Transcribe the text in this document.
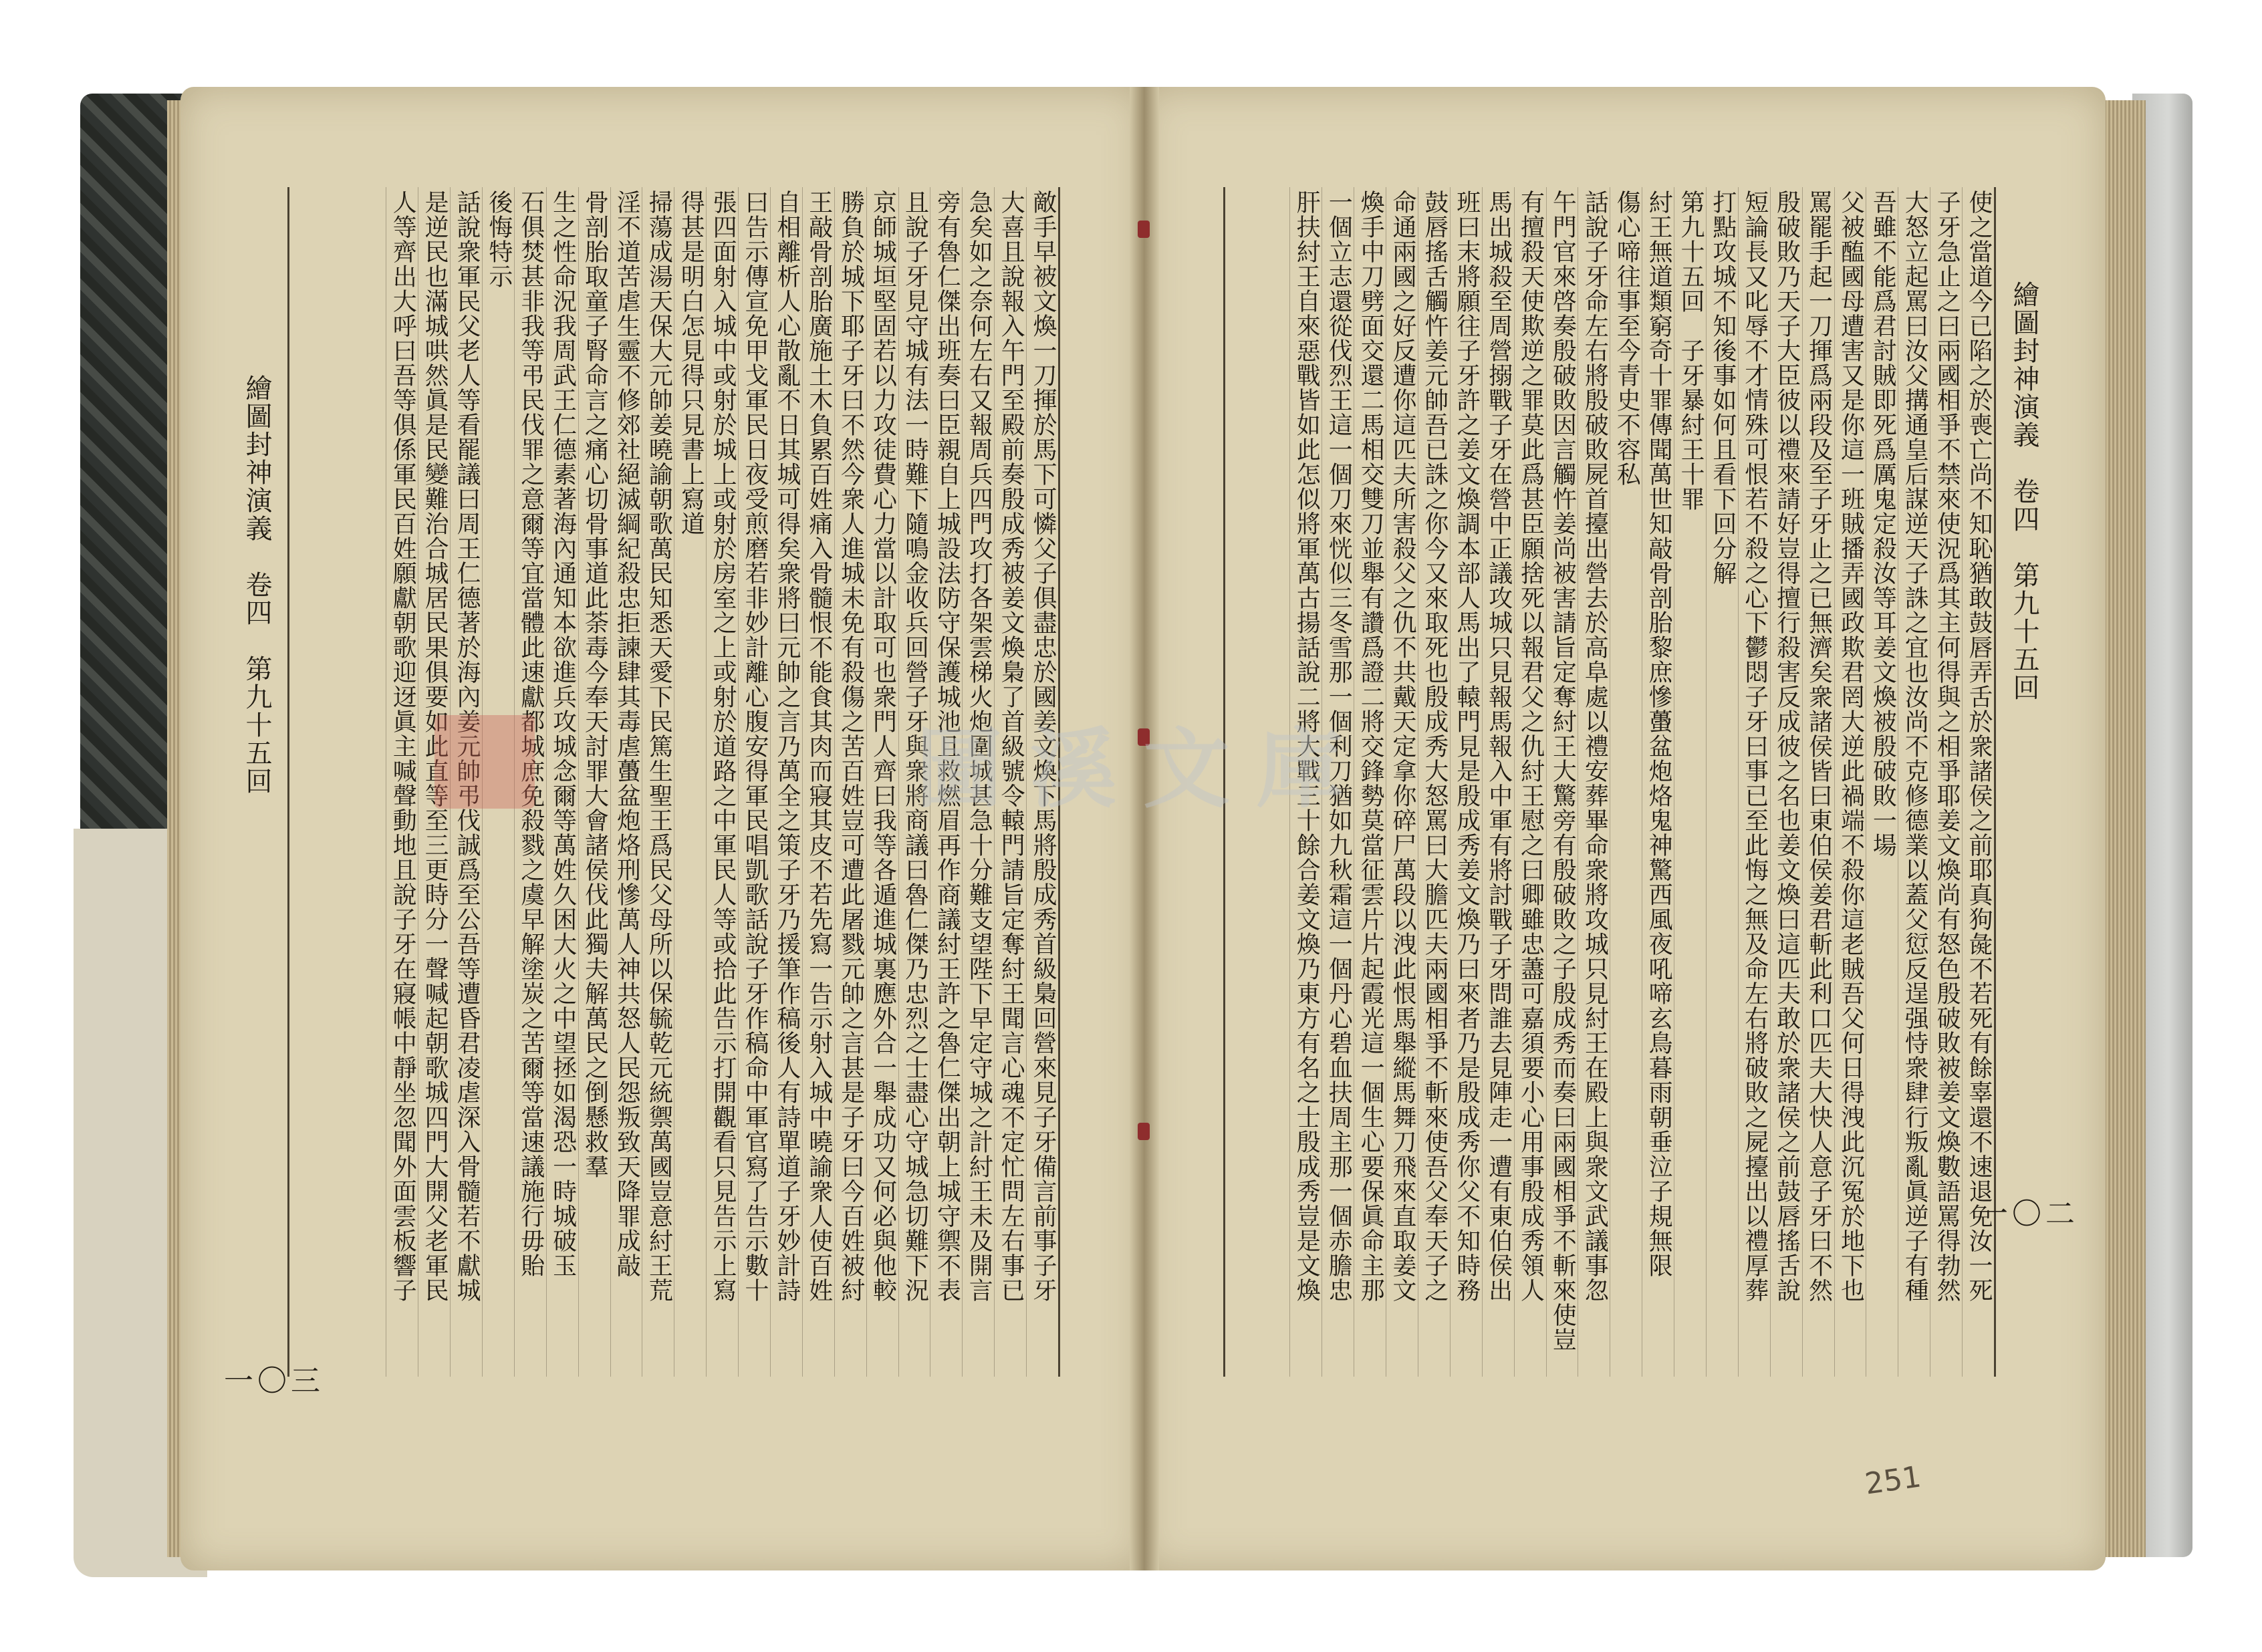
繪圖封神演義　卷四　第九十五回
繪圖封神演義　卷四　第九十五回	使之當道今已陷之於喪亡尚不知恥猶敢鼓唇弄舌於衆諸侯之前耶真狗彘不若死有餘辜還不速退免汝一死
子牙急止之曰兩國相爭不禁來使況爲其主何得與之相爭耶姜文煥尚有怒色殷破敗被姜文煥數語罵得勃然
大怒立起罵曰汝父搆通皇后謀逆天子誅之宜也汝尚不克修德業以蓋父愆反逞强恃衆肆行叛亂眞逆子有種
吾雖不能爲君討賊即死爲厲鬼定殺汝等耳姜文煥被殷破敗一場
父被醢國母遭害又是你這一班賊播弄國政欺君罔大逆此禍端不殺你這老賊吾父何日得洩此沉冤於地下也
罵罷手起一刀揮爲兩段及至子牙止之已無濟矣衆諸侯皆曰東伯侯姜君斬此利口匹夫大快人意子牙曰不然
殷破敗乃天子大臣彼以禮來請好豈得擅行殺害反成彼之名也姜文煥曰這匹夫敢於衆諸侯之前鼓唇搖舌說
短論長又叱辱不才情殊可恨若不殺之心下鬱悶子牙曰事已至此悔之無及命左右將破敗之屍擡出以禮厚葬
打點攻城不知後事如何且看下回分解
第九十五回　子牙暴紂王十罪
紂王無道類窮奇十罪傳聞萬世知敲骨剖胎黎庶慘蠆盆炮烙鬼神驚西風夜吼啼玄鳥暮雨朝垂泣子規無限
傷心啼往事至今青史不容私
話說子牙命左右將殷破敗屍首擡出營去於高阜處以禮安葬畢命衆將攻城只見紂王在殿上與衆文武議事忽
午門官來啓奏殷破敗因言觸忤姜尚被害請旨定奪紂王大驚旁有殷破敗之子殷成秀而奏曰兩國相爭不斬來使豈
有擅殺天使欺逆之罪莫此爲甚臣願捨死以報君父之仇紂王慰之曰卿雖忠藎可嘉須要小心用事殷成秀領人
馬出城殺至周營搦戰子牙在營中正議攻城只見報馬報入中軍有將討戰子牙問誰去見陣走一遭有東伯侯出
班曰末將願往子牙許之姜文煥調本部人馬出了轅門見是殷成秀姜文煥乃曰來者乃是殷成秀你父不知時務
鼓唇搖舌觸忤姜元帥吾已誅之你今又來取死也殷成秀大怒罵曰大膽匹夫兩國相爭不斬來使吾父奉天子之
命通兩國之好反遭你這匹夫所害殺父之仇不共戴天定拿你碎尸萬段以洩此恨馬舉縱馬舞刀飛來直取姜文
煥手中刀劈面交還二馬相交雙刀並舉有讚爲證二將交鋒勢莫當征雲片片起霞光這一個生心要保眞命主那
一個立志還從伐烈王這一個刀來恍似三冬雪那一個利刀猶如九秋霜這一個丹心碧血扶周主那一個赤膽忠
肝扶紂王自來惡戰皆如此怎似將軍萬古揚話說二將大戰三十餘合姜文煥乃東方有名之士殷成秀豈是文煥
敵手早被文煥一刀揮於馬下可憐父子俱盡忠於國姜文煥下馬將殷成秀首級梟回營來見子牙備言前事子牙
大喜且說報入午門至殿前奏殷成秀被姜文煥梟了首級號令轅門請旨定奪紂王聞言心魂不定忙問左右事已
急矣如之奈何左右又報周兵四門攻打各架雲梯火炮圍城甚急十分難支望陛下早定守城之計紂王未及開言
旁有魯仁傑出班奏曰臣親自上城設法防守保護城池且救燃眉再作商議紂王許之魯仁傑出朝上城守禦不表
且說子牙見守城有法一時難下隨鳴金收兵回營子牙與衆將商議曰魯仁傑乃忠烈之士盡心守城急切難下況
京師城垣堅固若以力攻徒費心力當以計取可也衆門人齊曰我等各遁進城裏應外合一舉成功又何必與他較
勝負於城下耶子牙曰不然今衆人進城未免有殺傷之苦百姓豈可遭此屠戮元帥之言甚是子牙曰今百姓被紂
王敲骨剖胎廣施土木負累百姓痛入骨髓恨不能食其肉而寢其皮不若先寫一告示射入城中曉諭衆人使百姓
自相離析人心散亂不日其城可得矣衆將曰元帥之言乃萬全之策子牙乃援筆作稿後人有詩單道子牙妙計詩
曰告示傳宣免甲戈軍民日夜受煎磨若非妙計離心腹安得軍民唱凱歌話說子牙作稿命中軍官寫了告示數十
張四面射入城中或射於城上或射於房室之上或射於道路之中軍民人等或拾此告示打開觀看只見告示上寫
得甚是明白怎見得只見書上寫道
掃蕩成湯天保大元帥姜曉諭朝歌萬民知悉天愛下民篤生聖王爲民父母所以保毓乾元統禦萬國豈意紂王荒
淫不道苦虐生靈不修郊社絕滅綱紀殺忠拒諫肆其毒虐蠆盆炮烙刑慘萬人神共怒人民怨叛致天降罪成敲
骨剖胎取童子腎命言之痛心切骨事道此荼毒今奉天討罪大會諸侯伐此獨夫解萬民之倒懸救羣
生之性命況我周武王仁德素著海內通知本欲進兵攻城念爾等萬姓久困大火之中望拯如渴恐一時城破玉
石俱焚甚非我等弔民伐罪之意爾等宜當體此速獻都城庶免殺戮之虞早解塗炭之苦爾等當速議施行毋貽
後悔特示
話說衆軍民父老人等看罷議曰周王仁德著於海內姜元帥弔伐誠爲至公吾等遭昏君凌虐深入骨髓若不獻城
是逆民也滿城哄然眞是民變難治合城居民果俱要如此直等至三更時分一聲喊起朝歌城四門大開父老軍民
人等齊出大呼曰吾等俱係軍民百姓願獻朝歌迎迓眞主喊聲動地且說子牙在寢帳中靜坐忽聞外面雲板響子	一〇二
一〇三
251
圖溪文庫
